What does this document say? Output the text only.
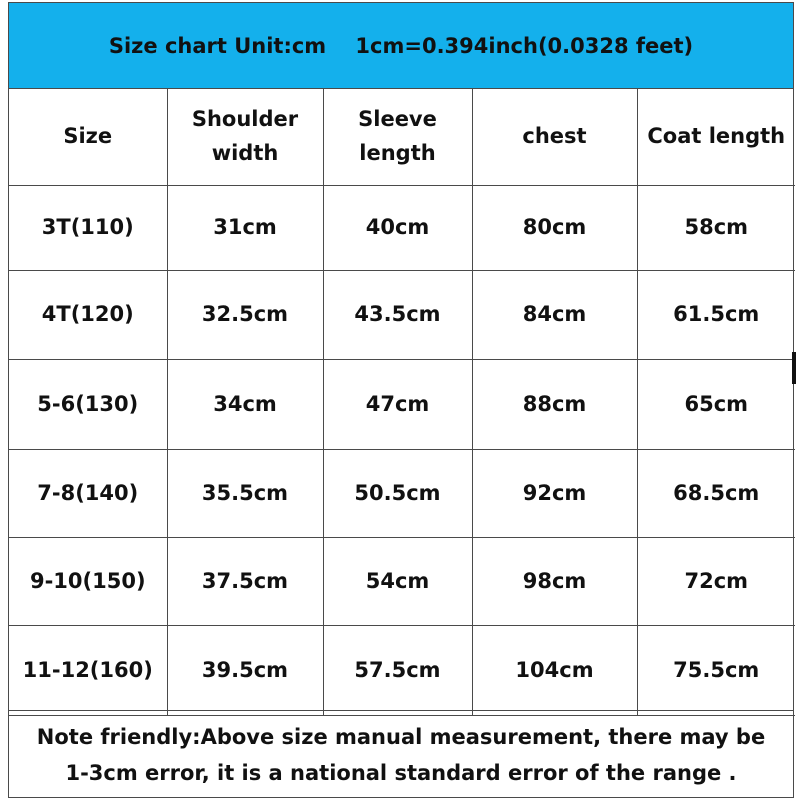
Size chart Unit:cm    1cm=0.394inch(0.0328 feet)
Size	Shoulder width	Sleeve length	chest	Coat length
3T(110)	31cm	40cm	80cm	58cm
4T(120)	32.5cm	43.5cm	84cm	61.5cm
5-6(130)	34cm	47cm	88cm	65cm
7-8(140)	35.5cm	50.5cm	92cm	68.5cm
9-10(150)	37.5cm	54cm	98cm	72cm
11-12(160)	39.5cm	57.5cm	104cm	75.5cm
Note friendly:Above size manual measurement, there may be 1-3cm error, it is a national standard error of the range .
